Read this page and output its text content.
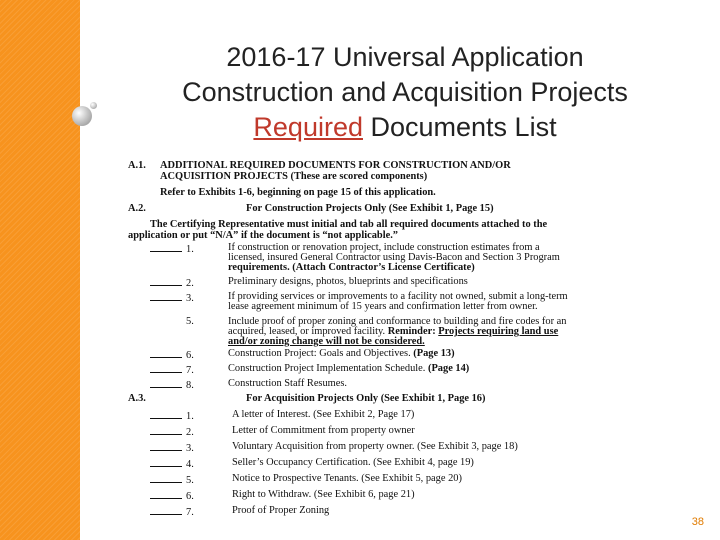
2016-17 Universal Application
Construction and Acquisition Projects
Required Documents List
A.1. ADDITIONAL REQUIRED DOCUMENTS FOR CONSTRUCTION AND/OR
ACQUISITION PROJECTS (These are scored components)
Refer to Exhibits 1-6, beginning on page 15 of this application.
A.2.	For Construction Projects Only (See Exhibit 1, Page 15)
The Certifying Representative must initial and tab all required documents attached to the
application or put “N/A” if the document is “not applicable.”
1.	If construction or renovation project, include construction estimates from a
licensed, insured General Contractor using Davis-Bacon and Section 3 Program
requirements. (Attach Contractor’s License Certificate)
2.	Preliminary designs, photos, blueprints and specifications
3.	If providing services or improvements to a facility not owned, submit a long-term
lease agreement minimum of 15 years and confirmation letter from owner.
5.	Include proof of proper zoning and conformance to building and fire codes for an
acquired, leased, or improved facility. Reminder: Projects requiring land use
and/or zoning change will not be considered.
6.	Construction Project: Goals and Objectives. (Page 13)
7.	Construction Project Implementation Schedule. (Page 14)
8.	Construction Staff Resumes.
A.3.	For Acquisition Projects Only (See Exhibit 1, Page 16)
1.	A letter of Interest. (See Exhibit 2, Page 17)
2.	Letter of Commitment from property owner
3.	Voluntary Acquisition from property owner. (See Exhibit 3, page 18)
4.	Seller’s Occupancy Certification. (See Exhibit 4, page 19)
5.	Notice to Prospective Tenants. (See Exhibit 5, page 20)
6.	Right to Withdraw. (See Exhibit 6, page 21)
7.	Proof of Proper Zoning
38
